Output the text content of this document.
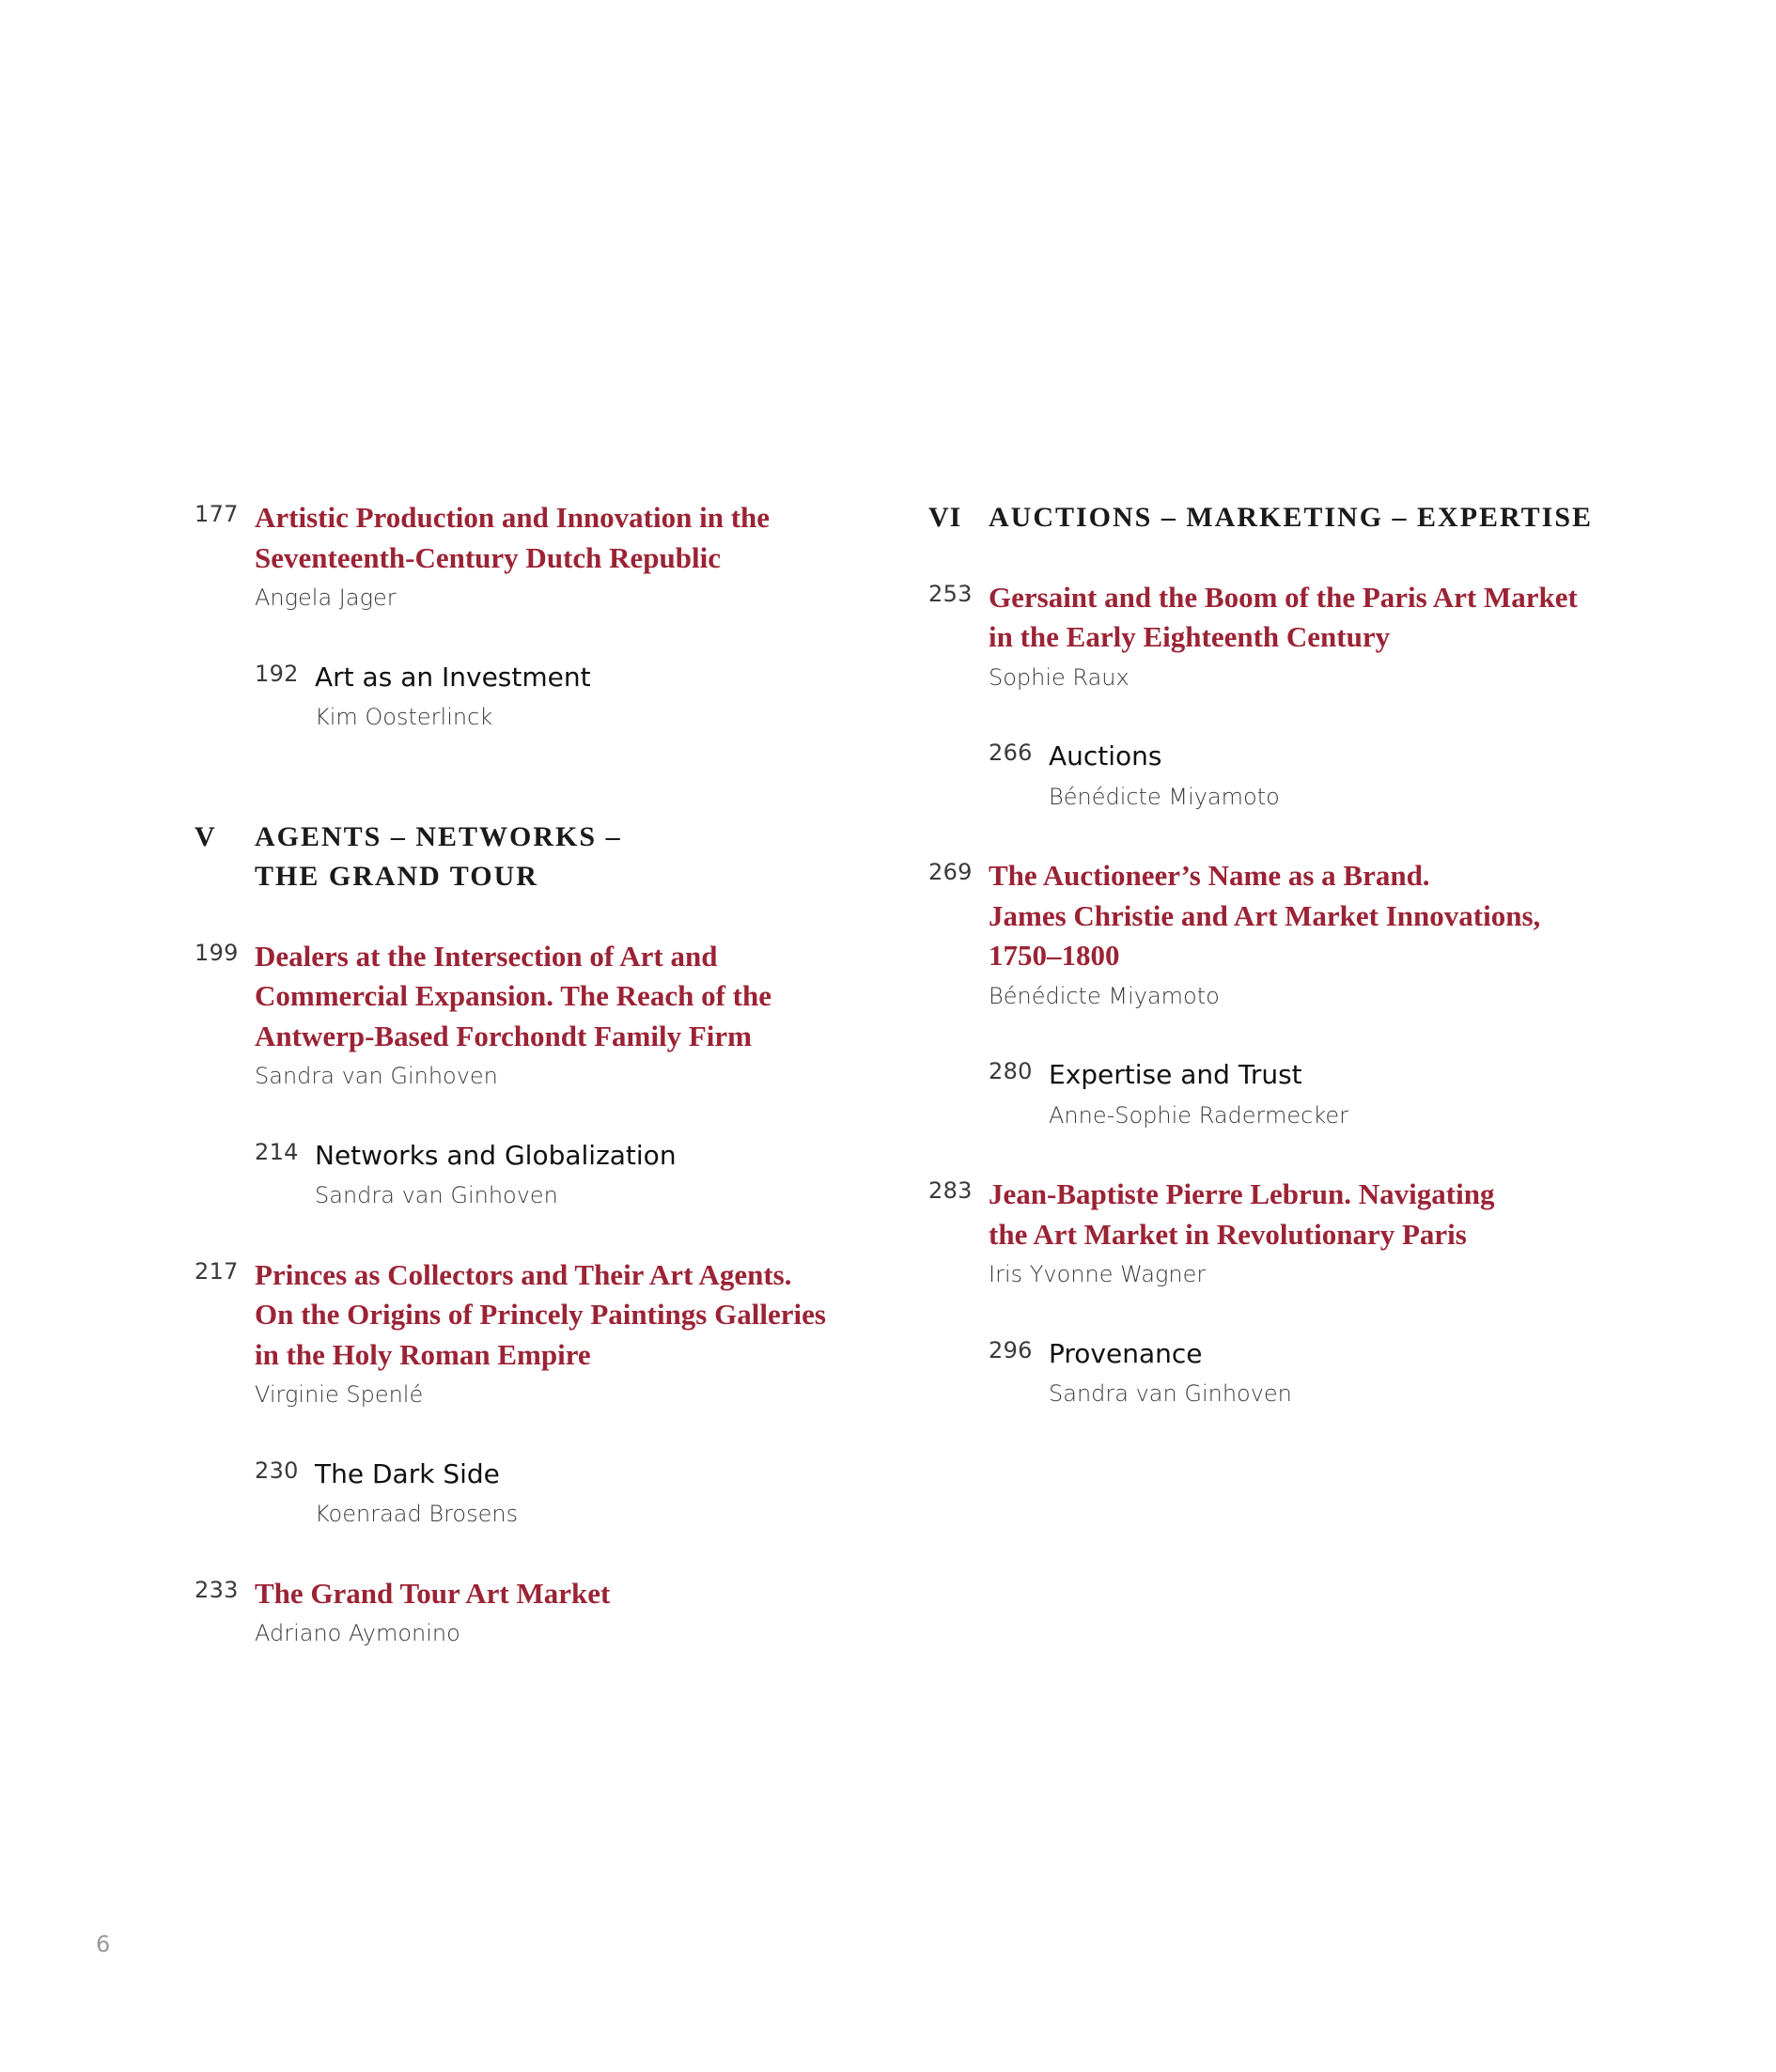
177 Artistic Production and Innovation in the
Seventeenth-Century Dutch Republic
Angela Jager
192 Art as an Investment
Kim Oosterlinck
V AGENTS – NETWORKS –
THE GRAND TOUR
199 Dealers at the Intersection of Art and
Commercial Expansion. The Reach of the
Antwerp-Based Forchondt Family Firm
Sandra van Ginhoven
214 Networks and Globalization
Sandra van Ginhoven
217 Princes as Collectors and Their Art Agents.
On the Origins of Princely Paintings Galleries
in the Holy Roman Empire
Virginie Spenlé
230 The Dark Side
Koenraad Brosens
233 The Grand Tour Art Market
Adriano Aymonino
VI AUCTIONS – MARKETING – EXPERTISE
253 Gersaint and the Boom of the Paris Art Market
in the Early Eighteenth Century
Sophie Raux
266 Auctions
Bénédicte Miyamoto
269 The Auctioneer’s Name as a Brand.
James Christie and Art Market Innovations,
1750–1800
Bénédicte Miyamoto
280 Expertise and Trust
Anne-Sophie Radermecker
283 Jean-Baptiste Pierre Lebrun. Navigating
the Art Market in Revolutionary Paris
Iris Yvonne Wagner
296 Provenance
Sandra van Ginhoven
6
